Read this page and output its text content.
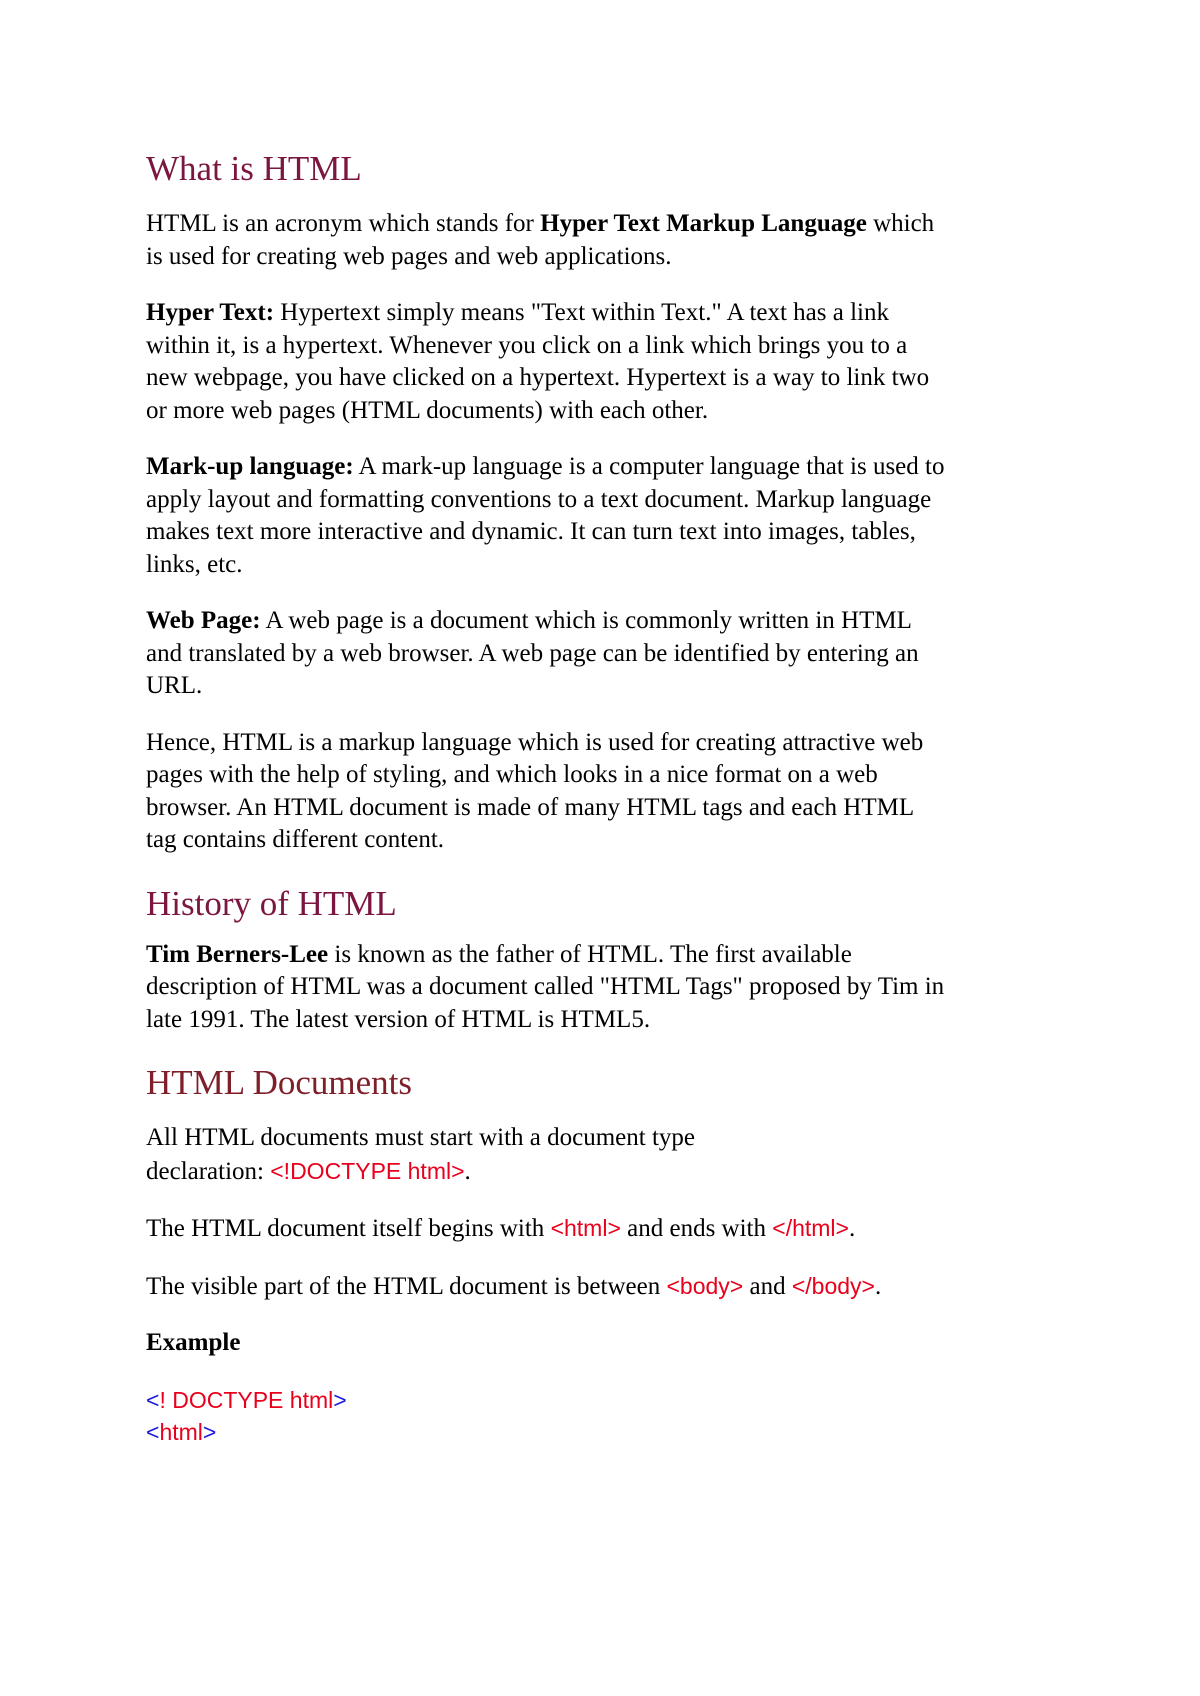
What is HTML

HTML is an acronym which stands for Hyper Text Markup Language which
is used for creating web pages and web applications.

Hyper Text: Hypertext simply means "Text within Text." A text has a link
within it, is a hypertext. Whenever you click on a link which brings you to a
new webpage, you have clicked on a hypertext. Hypertext is a way to link two
or more web pages (HTML documents) with each other.

Mark-up language: A mark-up language is a computer language that is used to
apply layout and formatting conventions to a text document. Markup language
makes text more interactive and dynamic. It can turn text into images, tables,
links, etc.

Web Page: A web page is a document which is commonly written in HTML
and translated by a web browser. A web page can be identified by entering an
URL.

Hence, HTML is a markup language which is used for creating attractive web
pages with the help of styling, and which looks in a nice format on a web
browser. An HTML document is made of many HTML tags and each HTML
tag contains different content.

History of HTML

Tim Berners-Lee is known as the father of HTML. The first available
description of HTML was a document called "HTML Tags" proposed by Tim in
late 1991. The latest version of HTML is HTML5.

HTML Documents

All HTML documents must start with a document type
declaration: <!DOCTYPE html>.

The HTML document itself begins with <html> and ends with </html>.

The visible part of the HTML document is between <body> and </body>.

Example

<! DOCTYPE html>

<html>
